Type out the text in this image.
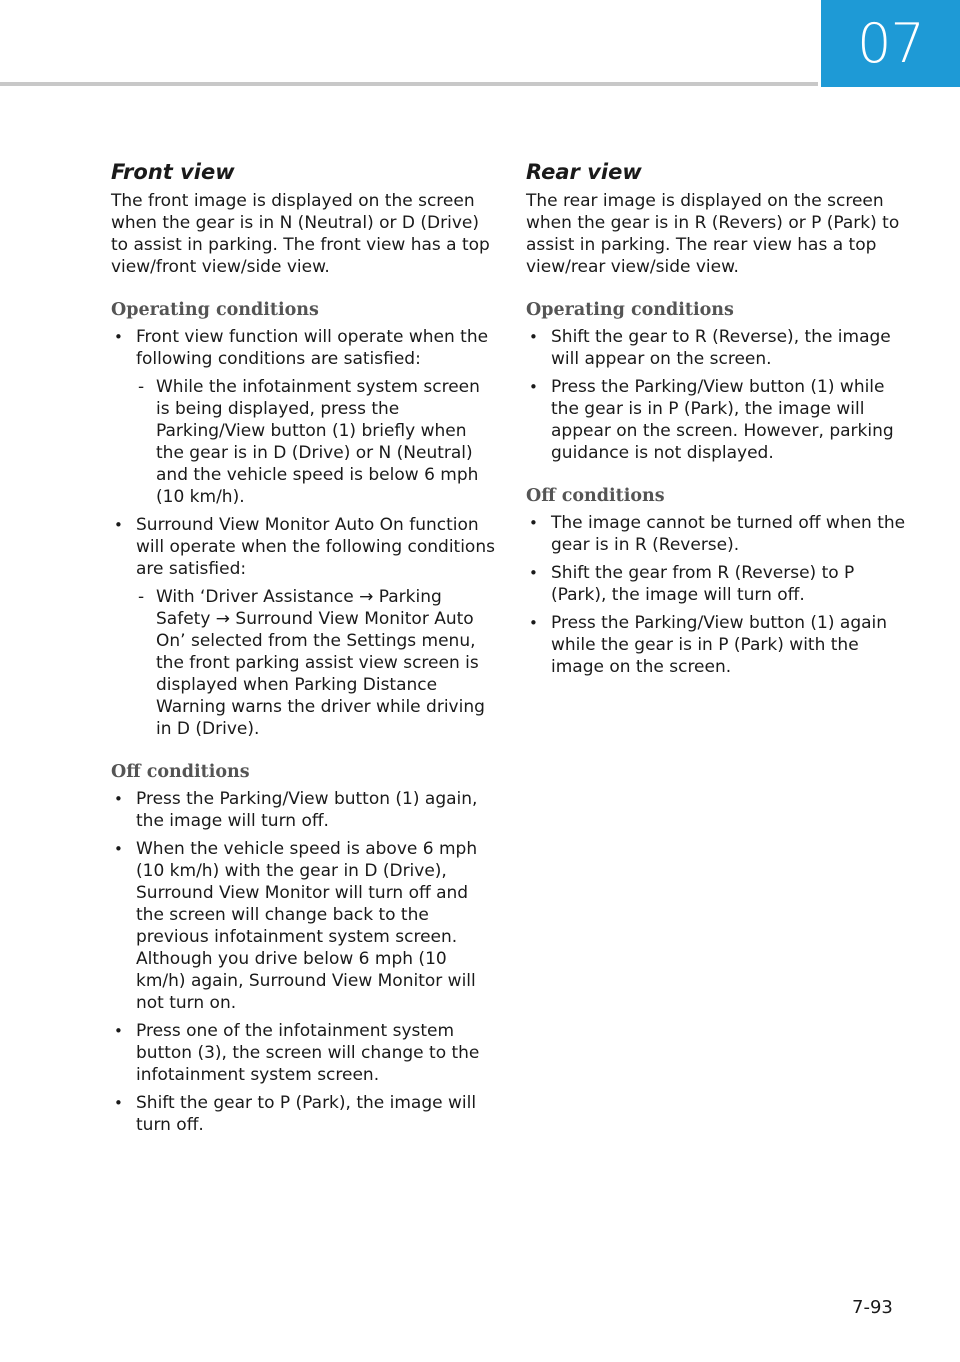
07
Front view

The front image is displayed on the screen when the gear is in N (Neutral) or D (Drive) to assist in parking. The front view has a top view/front view/side view.

Operating conditions
• Front view function will operate when the following conditions are satisfied:
- While the infotainment system screen is being displayed, press the Parking/View button (1) briefly when the gear is in D (Drive) or N (Neutral) and the vehicle speed is below 6 mph (10 km/h).
• Surround View Monitor Auto On function will operate when the following conditions are satisfied:
- With ‘Driver Assistance → Parking Safety → Surround View Monitor Auto On’ selected from the Settings menu, the front parking assist view screen is displayed when Parking Distance Warning warns the driver while driving in D (Drive).
Off conditions
• Press the Parking/View button (1) again, the image will turn off.
• When the vehicle speed is above 6 mph (10 km/h) with the gear in D (Drive), Surround View Monitor will turn off and the screen will change back to the previous infotainment system screen. Although you drive below 6 mph (10 km/h) again, Surround View Monitor will not turn on.
• Press one of the infotainment system button (3), the screen will change to the infotainment system screen.
• Shift the gear to P (Park), the image will turn off.
Rear view

The rear image is displayed on the screen when the gear is in R (Revers) or P (Park) to assist in parking. The rear view has a top view/rear view/side view.

Operating conditions
• Shift the gear to R (Reverse), the image will appear on the screen.
• Press the Parking/View button (1) while the gear is in P (Park), the image will appear on the screen. However, parking guidance is not displayed.
Off conditions
• The image cannot be turned off when the gear is in R (Reverse).
• Shift the gear from R (Reverse) to P (Park), the image will turn off.
• Press the Parking/View button (1) again while the gear is in P (Park) with the image on the screen.
7-93
